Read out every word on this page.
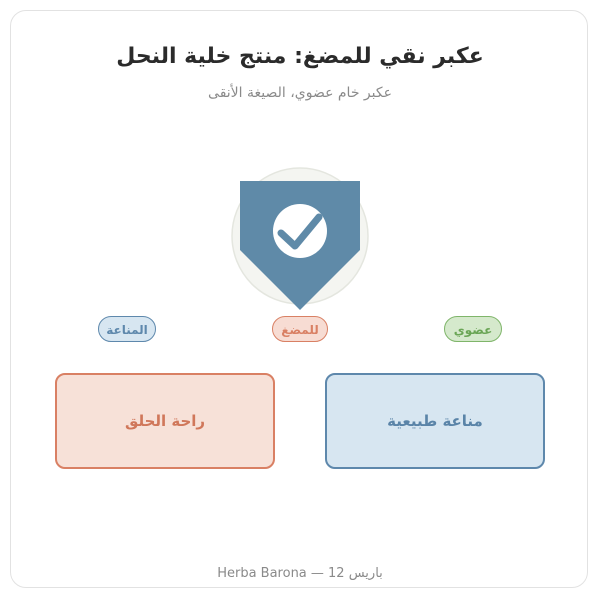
عكبر نقي للمضغ: منتج خلية النحل
عكبر خام عضوي، الصيغة الأنقى
المناعة	للمضغ	عضوي
راحة الحلق	مناعة طبيعية
Herba Barona — 12 باريس
